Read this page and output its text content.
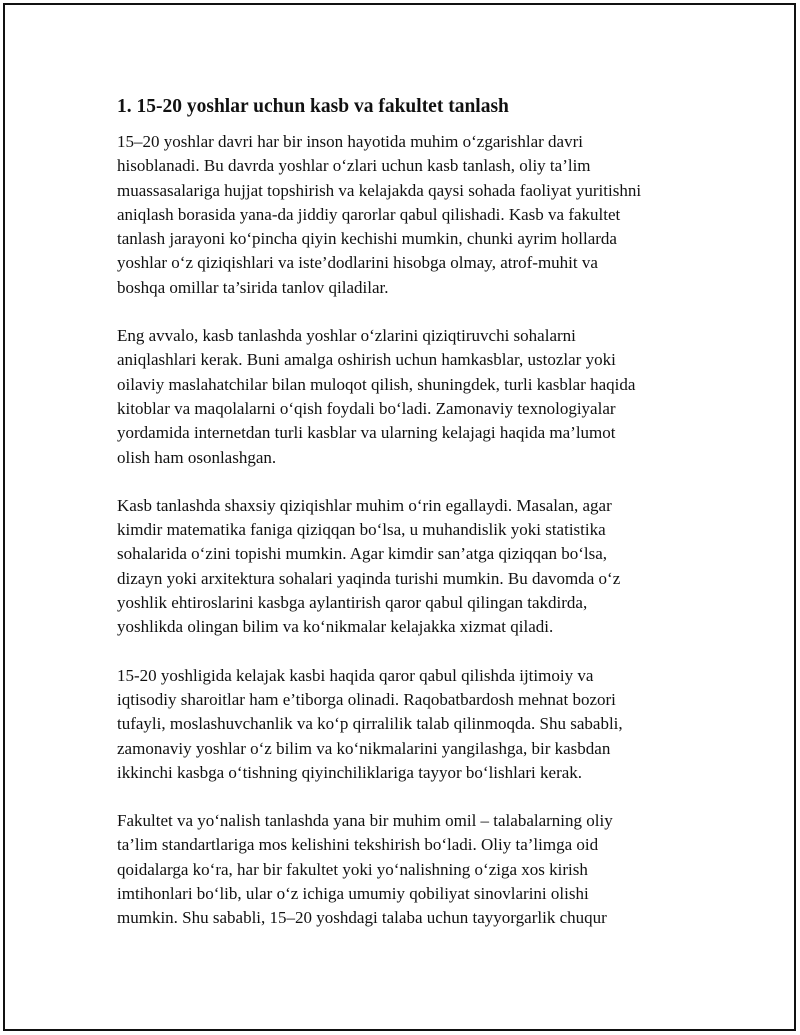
1. 15-20 yoshlar uchun kasb va fakultet tanlash

15–20 yoshlar davri har bir inson hayotida muhim o‘zgarishlar davri
hisoblanadi. Bu davrda yoshlar o‘zlari uchun kasb tanlash, oliy ta’lim
muassasalariga hujjat topshirish va kelajakda qaysi sohada faoliyat yuritishni
aniqlash borasida yana-da jiddiy qarorlar qabul qilishadi. Kasb va fakultet
tanlash jarayoni ko‘pincha qiyin kechishi mumkin, chunki ayrim hollarda
yoshlar o‘z qiziqishlari va iste’dodlarini hisobga olmay, atrof-muhit va
boshqa omillar ta’sirida tanlov qiladilar.

Eng avvalo, kasb tanlashda yoshlar o‘zlarini qiziqtiruvchi sohalarni
aniqlashlari kerak. Buni amalga oshirish uchun hamkasblar, ustozlar yoki
oilaviy maslahatchilar bilan muloqot qilish, shuningdek, turli kasblar haqida
kitoblar va maqolalarni o‘qish foydali bo‘ladi. Zamonaviy texnologiyalar
yordamida internetdan turli kasblar va ularning kelajagi haqida ma’lumot
olish ham osonlashgan.

Kasb tanlashda shaxsiy qiziqishlar muhim o‘rin egallaydi. Masalan, agar
kimdir matematika faniga qiziqqan bo‘lsa, u muhandislik yoki statistika
sohalarida o‘zini topishi mumkin. Agar kimdir san’atga qiziqqan bo‘lsa,
dizayn yoki arxitektura sohalari yaqinda turishi mumkin. Bu davomda o‘z
yoshlik ehtiroslarini kasbga aylantirish qaror qabul qilingan takdirda,
yoshlikda olingan bilim va ko‘nikmalar kelajakka xizmat qiladi.

15-20 yoshligida kelajak kasbi haqida qaror qabul qilishda ijtimoiy va
iqtisodiy sharoitlar ham e’tiborga olinadi. Raqobatbardosh mehnat bozori
tufayli, moslashuvchanlik va ko‘p qirralilik talab qilinmoqda. Shu sababli,
zamonaviy yoshlar o‘z bilim va ko‘nikmalarini yangilashga, bir kasbdan
ikkinchi kasbga o‘tishning qiyinchiliklariga tayyor bo‘lishlari kerak.

Fakultet va yo‘nalish tanlashda yana bir muhim omil – talabalarning oliy
ta’lim standartlariga mos kelishini tekshirish bo‘ladi. Oliy ta’limga oid
qoidalarga ko‘ra, har bir fakultet yoki yo‘nalishning o‘ziga xos kirish
imtihonlari bo‘lib, ular o‘z ichiga umumiy qobiliyat sinovlarini olishi
mumkin. Shu sababli, 15–20 yoshdagi talaba uchun tayyorgarlik chuqur
